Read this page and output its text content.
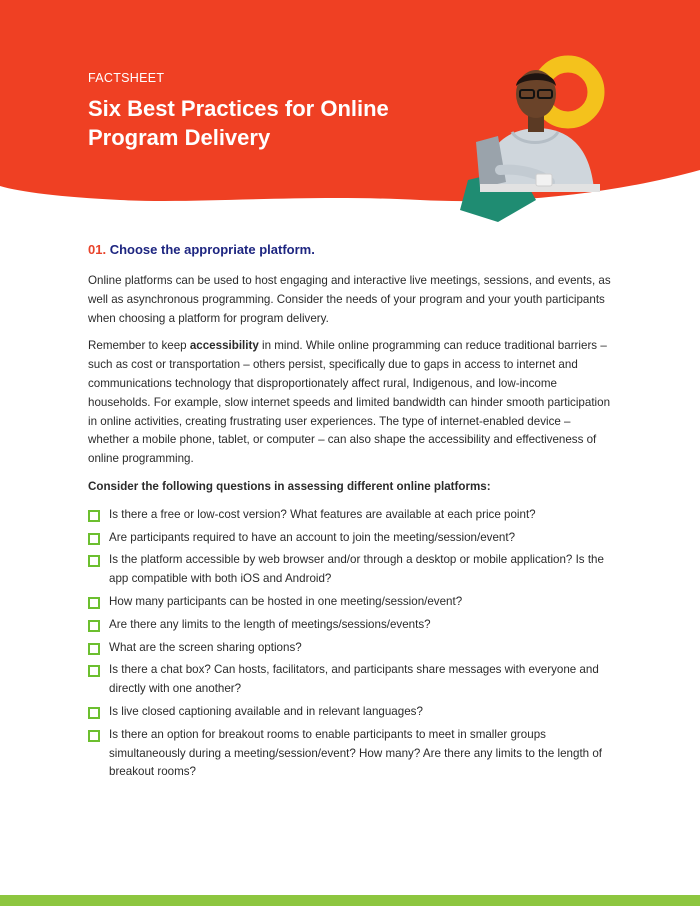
FACTSHEET
Six Best Practices for Online
Program Delivery
01. Choose the appropriate platform.

Online platforms can be used to host engaging and interactive live meetings, sessions, and events, as well as asynchronous programming. Consider the needs of your program and your youth participants when choosing a platform for program delivery.

Remember to keep accessibility in mind. While online programming can reduce traditional barriers – such as cost or transportation – others persist, specifically due to gaps in access to internet and communications technology that disproportionately affect rural, Indigenous, and low-income households. For example, slow internet speeds and limited bandwidth can hinder smooth participation in online activities, creating frustrating user experiences. The type of internet-enabled device – whether a mobile phone, tablet, or computer – can also shape the accessibility and effectiveness of online programming.

Consider the following questions in assessing different online platforms:

Is there a free or low-cost version? What features are available at each price point?
Are participants required to have an account to join the meeting/session/event?
Is the platform accessible by web browser and/or through a desktop or mobile application? Is the app compatible with both iOS and Android?
How many participants can be hosted in one meeting/session/event?
Are there any limits to the length of meetings/sessions/events?
What are the screen sharing options?
Is there a chat box? Can hosts, facilitators, and participants share messages with everyone and directly with one another?
Is live closed captioning available and in relevant languages?
Is there an option for breakout rooms to enable participants to meet in smaller groups simultaneously during a meeting/session/event? How many? Are there any limits to the length of breakout rooms?
